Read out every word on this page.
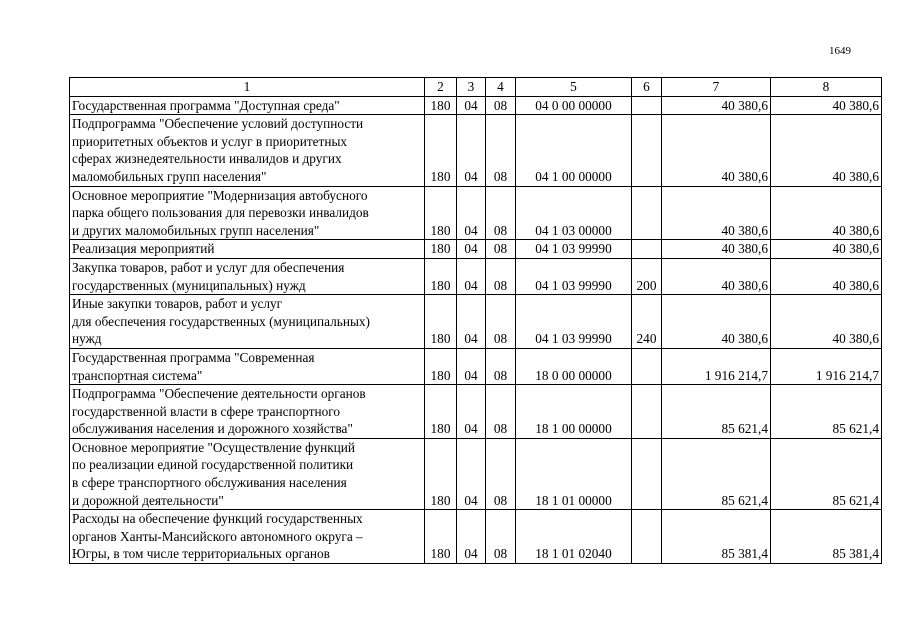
1649
1	2	3	4	5	6	7	8

Государственная программа "Доступная среда"	180	04	08	04 0 00 00000		40 380,6	40 380,6

Подпрограмма "Обеспечение условий доступности
приоритетных объектов и услуг в приоритетных
сферах жизнедеятельности инвалидов и других
маломобильных групп населения"	180	04	08	04 1 00 00000		40 380,6	40 380,6

Основное мероприятие "Модернизация автобусного
парка общего пользования для перевозки инвалидов
и других маломобильных групп населения"	180	04	08	04 1 03 00000		40 380,6	40 380,6

Реализация мероприятий	180	04	08	04 1 03 99990		40 380,6	40 380,6

Закупка товаров, работ и услуг для обеспечения
государственных (муниципальных) нужд	180	04	08	04 1 03 99990	200	40 380,6	40 380,6

Иные закупки товаров, работ и услуг
для обеспечения государственных (муниципальных)
нужд	180	04	08	04 1 03 99990	240	40 380,6	40 380,6

Государственная программа "Современная
транспортная система"	180	04	08	18 0 00 00000		1 916 214,7	1 916 214,7

Подпрограмма "Обеспечение деятельности органов
государственной власти в сфере транспортного
обслуживания населения и дорожного хозяйства"	180	04	08	18 1 00 00000		85 621,4	85 621,4

Основное мероприятие "Осуществление функций
по реализации единой государственной политики
в сфере транспортного обслуживания населения
и дорожной деятельности"	180	04	08	18 1 01 00000		85 621,4	85 621,4

Расходы на обеспечение функций государственных
органов Ханты-Мансийского автономного округа –
Югры, в том числе территориальных органов	180	04	08	18 1 01 02040		85 381,4	85 381,4
